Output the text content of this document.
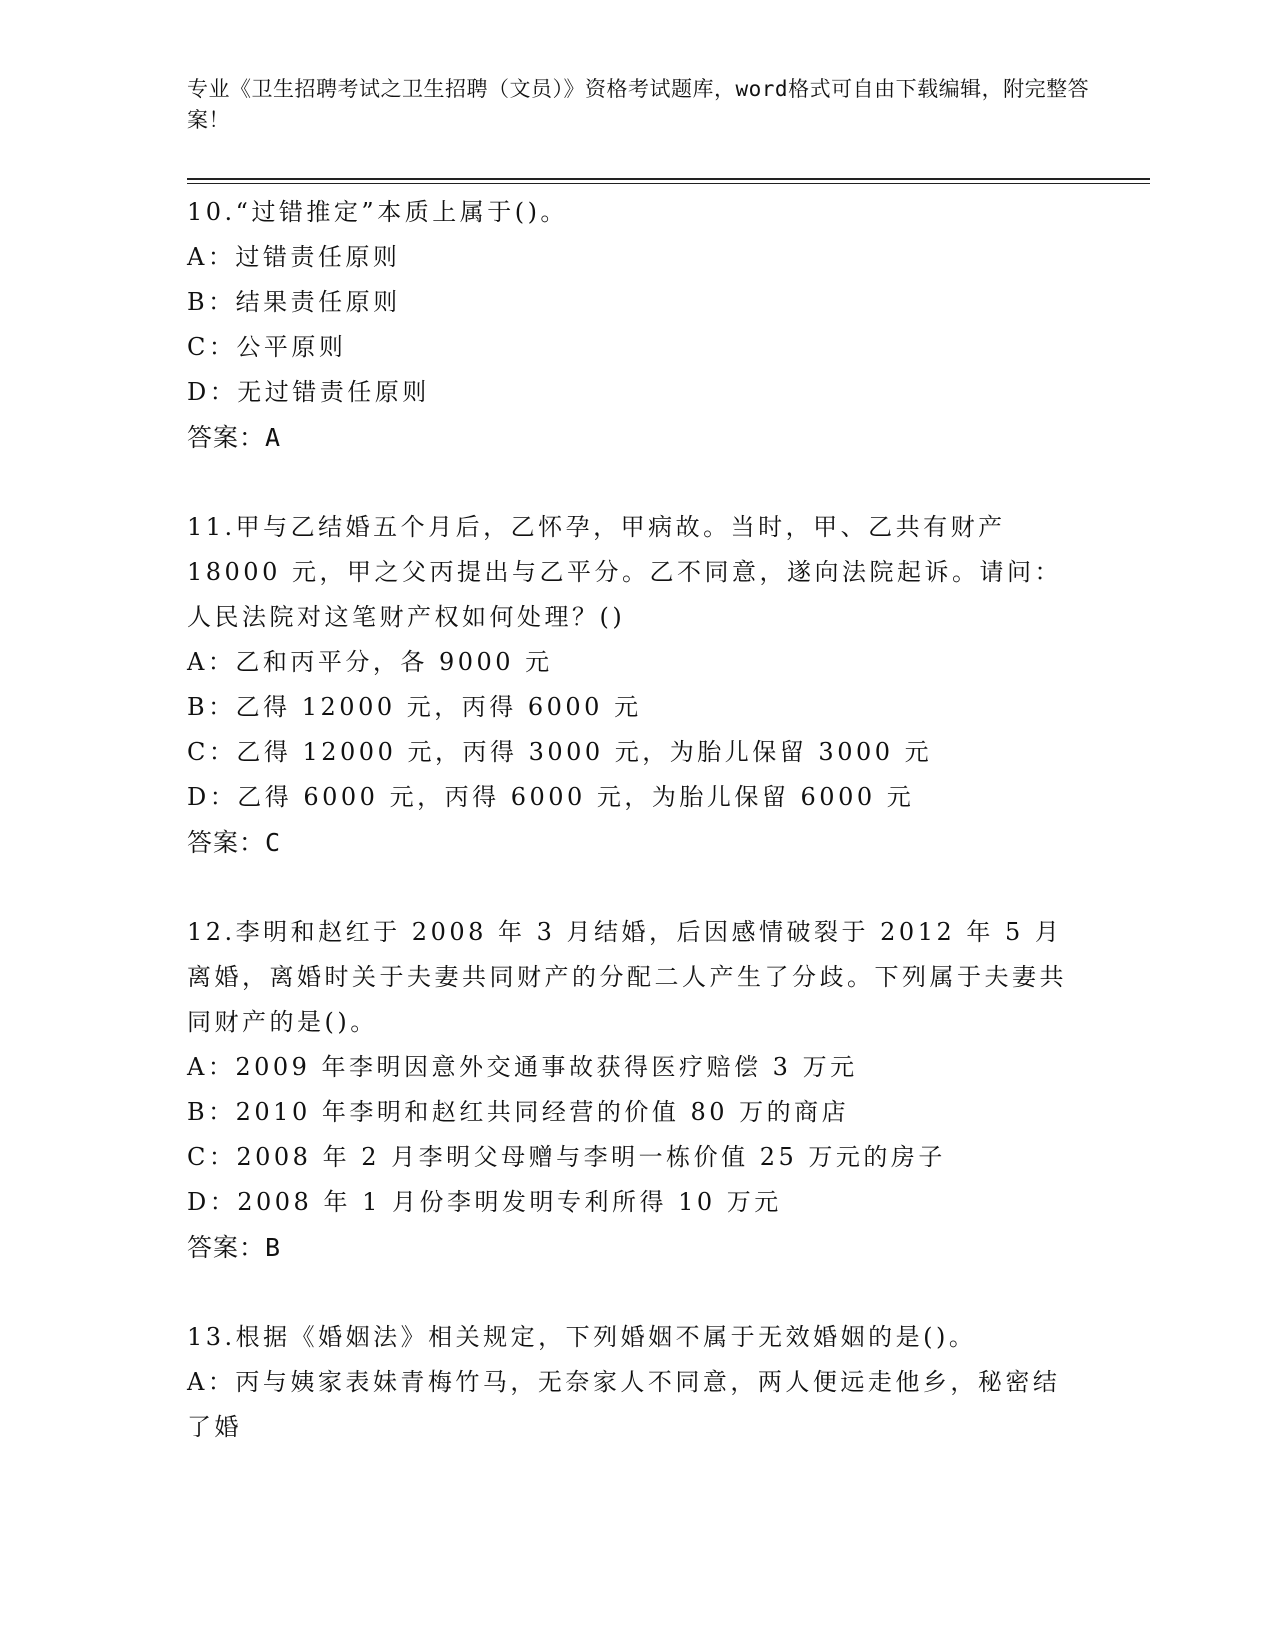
专业《卫生招聘考试之卫生招聘（文员）》资格考试题库，word格式可自由下载编辑，附完整答案！
10.“过错推定”本质上属于()。
A：过错责任原则
B：结果责任原则
C：公平原则
D：无过错责任原则
答案：A
11.甲与乙结婚五个月后，乙怀孕，甲病故。当时，甲、乙共有财产18000 元，甲之父丙提出与乙平分。乙不同意，遂向法院起诉。请问：人民法院对这笔财产权如何处理？()
A：乙和丙平分，各 9000 元
B：乙得 12000 元，丙得 6000 元
C：乙得 12000 元，丙得 3000 元，为胎儿保留 3000 元
D：乙得 6000 元，丙得 6000 元，为胎儿保留 6000 元
答案：C
12.李明和赵红于 2008 年 3 月结婚，后因感情破裂于 2012 年 5 月离婚，离婚时关于夫妻共同财产的分配二人产生了分歧。下列属于夫妻共同财产的是()。
A：2009 年李明因意外交通事故获得医疗赔偿 3 万元
B：2010 年李明和赵红共同经营的价值 80 万的商店
C：2008 年 2 月李明父母赠与李明一栋价值 25 万元的房子
D：2008 年 1 月份李明发明专利所得 10 万元
答案：B
13.根据《婚姻法》相关规定，下列婚姻不属于无效婚姻的是()。
A：丙与姨家表妹青梅竹马，无奈家人不同意，两人便远走他乡，秘密结了婚
